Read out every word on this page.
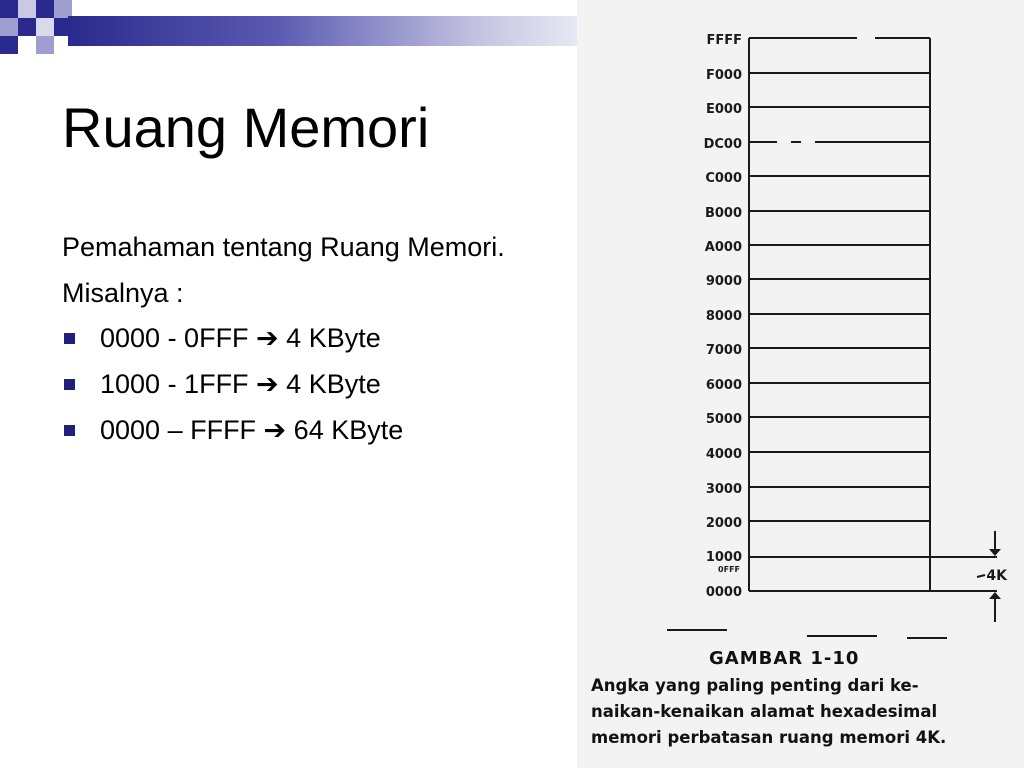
Ruang Memori

Pemahaman tentang Ruang Memori.

Misalnya :

0000 - 0FFF ➔ 4 KByte
1000 - 1FFF ➔ 4 KByte
0000 – FFFF ➔ 64 KByte
FFFF
F000
E000
DC00
C000
B000
A000
9000
8000
7000
6000
5000
4000
3000
2000
1000
0FFF
0000
4K
GAMBAR 1-10
Angka yang paling penting dari ke-
naikan-kenaikan alamat hexadesimal
memori perbatasan ruang memori 4K.
